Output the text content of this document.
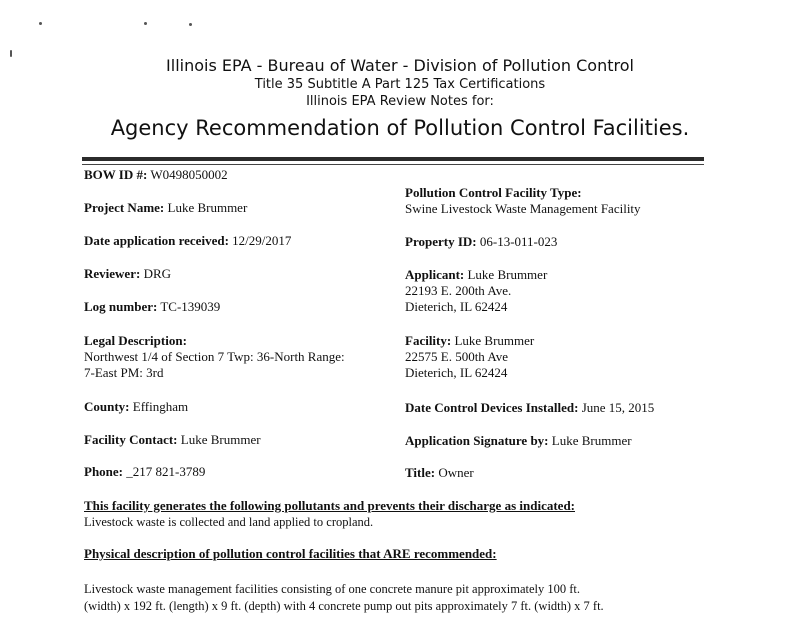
Illinois EPA - Bureau of Water - Division of Pollution Control
Title 35 Subtitle A Part 125 Tax Certifications
Illinois EPA Review Notes for:
Agency Recommendation of Pollution Control Facilities.
BOW ID #: W0498050002
Project Name: Luke Brummer
Date application received: 12/29/2017
Reviewer: DRG
Log number: TC-139039
Legal Description:
Northwest 1/4 of Section 7 Twp: 36-North Range:
7-East PM: 3rd
County: Effingham
Facility Contact: Luke Brummer
Phone: _217 821-3789
Pollution Control Facility Type:
Swine Livestock Waste Management Facility
Property ID: 06-13-011-023
Applicant: Luke Brummer
22193 E. 200th Ave.
Dieterich, IL 62424
Facility: Luke Brummer
22575 E. 500th Ave
Dieterich, IL 62424
Date Control Devices Installed: June 15, 2015
Application Signature by: Luke Brummer
Title: Owner
This facility generates the following pollutants and prevents their discharge as indicated:
Livestock waste is collected and land applied to cropland.
Physical description of pollution control facilities that ARE recommended:
Livestock waste management facilities consisting of one concrete manure pit approximately 100 ft.
(width) x 192 ft. (length) x 9 ft. (depth) with 4 concrete pump out pits approximately 7 ft. (width) x 7 ft.
